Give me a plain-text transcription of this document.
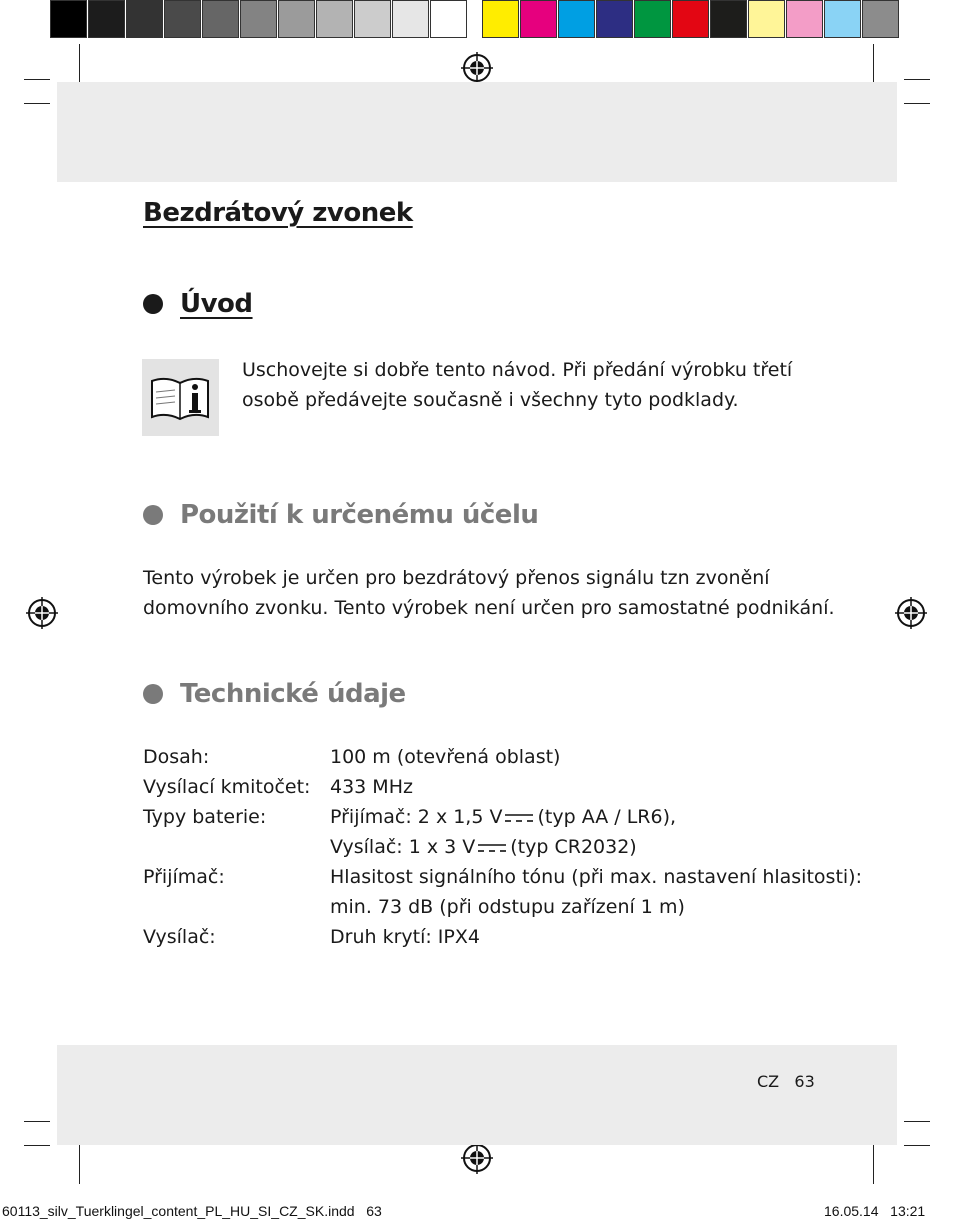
Bezdrátový zvonek
Úvod
Uschovejte si dobře tento návod. Při předání výrobku třetí
osobě předávejte současně i všechny tyto podklady.
Použití k určenému účelu
Tento výrobek je určen pro bezdrátový přenos signálu tzn zvonění
domovního zvonku. Tento výrobek není určen pro samostatné podnikání.
Technické údaje
Dosah:	100 m (otevřená oblast)
Vysílací kmitočet: 433 MHz
Typy baterie:	Přijímač: 2 x 1,5 V (typ AA / LR6),
Vysílač: 1 x 3 V (typ CR2032)
Přijímač:	Hlasitost signálního tónu (při max. nastavení hlasitosti):
min. 73 dB (při odstupu zařízení 1 m)
Vysílač:	Druh krytí: IPX4
CZ 63
60113_silv_Tuerklingel_content_PL_HU_SI_CZ_SK.indd 63	16.05.14 13:21
